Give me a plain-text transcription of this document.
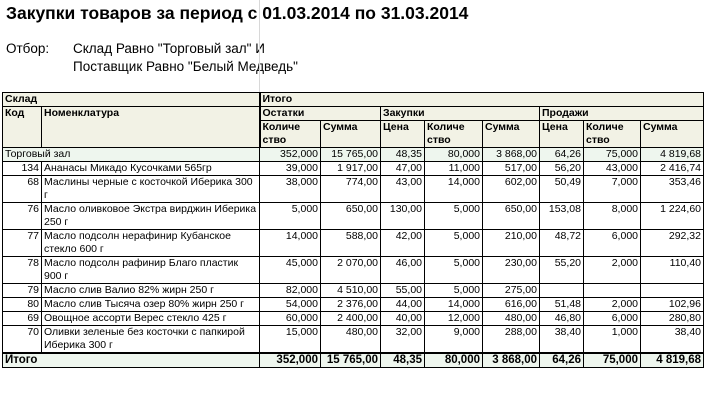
Закупки товаров за период с 01.03.2014 по 31.03.2014
Отбор: Склад Равно "Торговый зал" И
Поставщик Равно "Белый Медведь"
Склад		Итого							
Код	Номенклатура	Остатки		Закупки			Продажи		
		Количе ство	Сумма	Цена	Количе ство	Сумма	Цена	Количе ство	Сумма
Торговый зал		352,000	15 765,00	48,35	80,000	3 868,00	64,26	75,000	4 819,68
134	Ананасы Микадо Кусочками 565гр	39,000	1 917,00	47,00	11,000	517,00	56,20	43,000	2 416,74
68	Маслины черные с косточкой Иберика 300 г	38,000	774,00	43,00	14,000	602,00	50,49	7,000	353,46
76	Масло оливковое Экстра вирджин Иберика 250 г	5,000	650,00	130,00	5,000	650,00	153,08	8,000	1 224,60
77	Масло подсолн нерафинир Кубанское стекло 600 г	14,000	588,00	42,00	5,000	210,00	48,72	6,000	292,32
78	Масло подсолн рафинир Благо пластик 900 г	45,000	2 070,00	46,00	5,000	230,00	55,20	2,000	110,40
79	Масло слив Валио 82% жирн 250 г	82,000	4 510,00	55,00	5,000	275,00			
80	Масло слив Тысяча озер 80% жирн 250 г	54,000	2 376,00	44,00	14,000	616,00	51,48	2,000	102,96
69	Овощное ассорти Верес стекло 425 г	60,000	2 400,00	40,00	12,000	480,00	46,80	6,000	280,80
70	Оливки зеленые без косточки с папкирой Иберика 300 г	15,000	480,00	32,00	9,000	288,00	38,40	1,000	38,40
Итого		352,000	15 765,00	48,35	80,000	3 868,00	64,26	75,000	4 819,68
